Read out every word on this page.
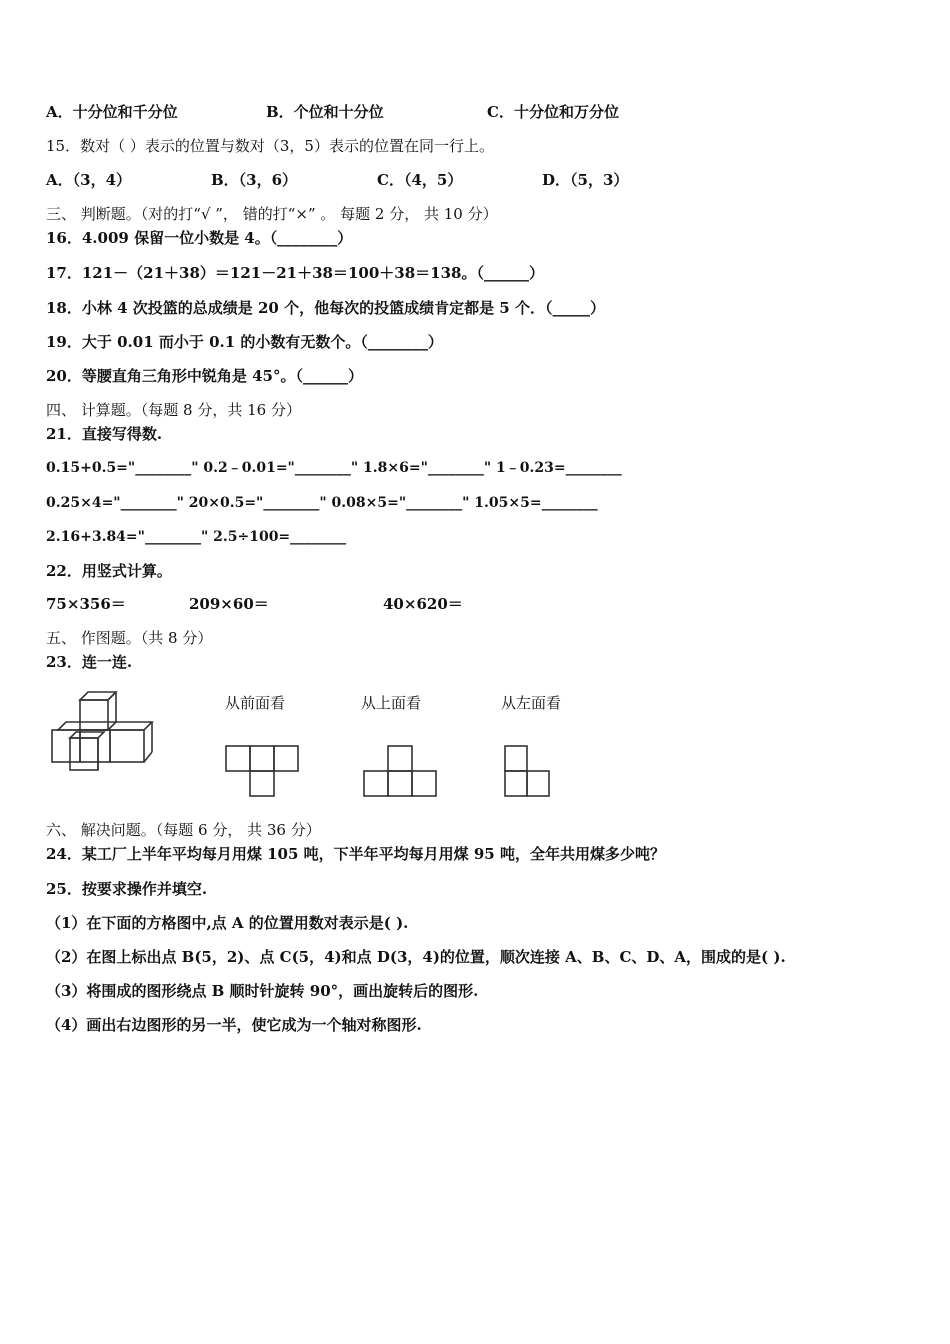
A．十分位和千分位	B．个位和十分位	C．十分位和万分位
15．数对（ ）表示的位置与数对（3，5）表示的位置在同一行上。
A．（3，4）	B．（3，6）	C．（4，5）	D．（5，3）
三、 判断题。（对的打“√ ”， 错的打“×” 。 每题 2 分， 共 10 分）
16．4.009 保留一位小数是 4。（________）
17．121－（21＋38）＝121－21＋38＝100＋38＝138。（______）
18．小林 4 次投篮的总成绩是 20 个，他每次的投篮成绩肯定都是 5 个．（_____）
19．大于 0.01 而小于 0.1 的小数有无数个。（________）
20．等腰直角三角形中锐角是 45°。（______）
四、 计算题。（每题 8 分，共 16 分）
21．直接写得数.
0.15+0.5="________" 0.2﹣0.01="________" 1.8×6="________" 1﹣0.23=________
0.25×4="________" 20×0.5="________" 0.08×5="________" 1.05×5=________
2.16+3.84="________" 2.5÷100=________
22．用竖式计算。
75×356＝	209×60＝	40×620＝
五、 作图题。（共 8 分）
23．连一连.
从前面看	从上面看	从左面看
六、 解决问题。（每题 6 分， 共 36 分）
24．某工厂上半年平均每月用煤 105 吨，下半年平均每月用煤 95 吨，全年共用煤多少吨？
25．按要求操作并填空.
（1）在下面的方格图中,点 A 的位置用数对表示是( ).
（2）在图上标出点 B(5，2)、点 C(5，4)和点 D(3，4)的位置，顺次连接 A、B、C、D、A，围成的是( ).
（3）将围成的图形绕点 B 顺时针旋转 90°，画出旋转后的图形.
（4）画出右边图形的另一半，使它成为一个轴对称图形.
